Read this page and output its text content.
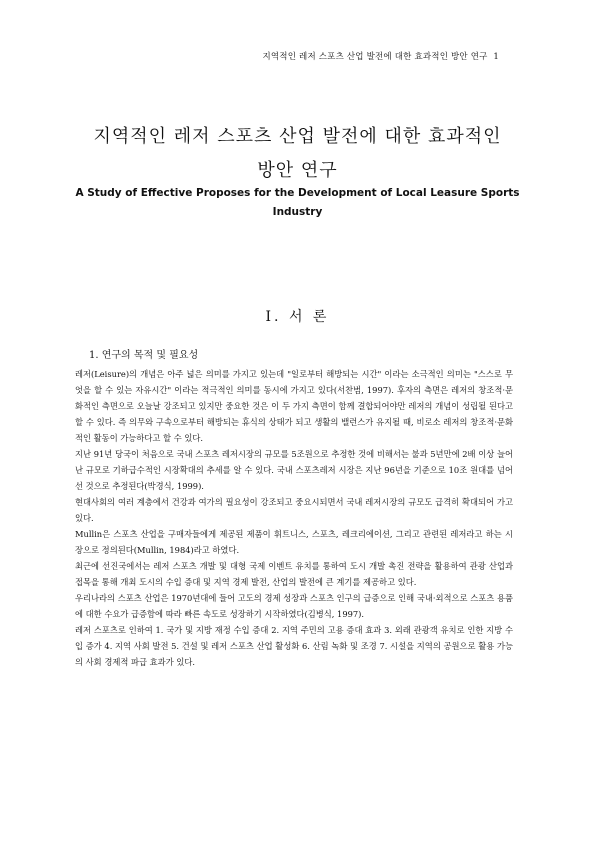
지역적인 레저 스포츠 산업 발전에 대한 효과적인 방안 연구 1
지역적인 레저 스포츠 산업 발전에 대한 효과적인
방안 연구
A Study of Effective Proposes for the Development of Local Leasure Sports Industry
Ⅰ. 서 론
1. 연구의 목적 및 필요성

레저(Leisure)의 개념은 아주 넓은 의미를 가지고 있는데 "일로부터 해방되는 시간" 이라는 소극적인 의미는 "스스로 무엇을 할 수 있는 자유시간" 이라는 적극적인 의미를 동시에 가지고 있다(서찬범, 1997). 후자의 측면은 레저의 창조적·문화적인 측면으로 오늘날 강조되고 있지만 중요한 것은 이 두 가지 측면이 함께 결합되어야만 레저의 개념이 성립될 된다고 할 수 있다. 즉 의무와 구속으로부터 해방되는 휴식의 상태가 되고 생활의 밸런스가 유지될 때, 비로소 레저의 창조적·문화적인 활동이 가능하다고 할 수 있다.

지난 91년 당국이 처음으로 국내 스포츠 레저시장의 규모를 5조원으로 추정한 것에 비해서는 불과 5년만에 2배 이상 늘어난 규모로 기하급수적인 시장확대의 추세를 알 수 있다. 국내 스포츠레저 시장은 지난 96년을 기준으로 10조 원대를 넘어선 것으로 추정된다(박경식, 1999).

현대사회의 여러 계층에서 건강과 여가의 필요성이 강조되고 중요시되면서 국내 레저시장의 규모도 급격히 확대되어 가고 있다.

Mullin은 스포츠 산업을 구매자들에게 제공된 제품이 휘트니스, 스포츠, 레크리에이션, 그리고 관련된 레저라고 하는 시장으로 정의된다(Mullin, 1984)라고 하였다.

최근에 선진국에서는 레저 스포츠 개발 및 대형 국제 이벤트 유치를 통하여 도시 개발 촉진 전략을 활용하여 관광 산업과 접목을 통해 개최 도시의 수입 증대 및 지역 경제 발전, 산업의 발전에 큰 계기를 제공하고 있다.

우리나라의 스포츠 산업은 1970년대에 들어 고도의 경제 성장과 스포츠 인구의 급증으로 인해 국내·외적으로 스포츠 용품에 대한 수요가 급증함에 따라 빠른 속도로 성장하기 시작하였다(김병식, 1997).

레저 스포츠로 인하여 1. 국가 및 지방 재정 수입 증대 2. 지역 주민의 고용 증대 효과 3. 외래 관광객 유치로 인한 지방 수입 증가 4. 지역 사회 발전 5. 건설 및 레저 스포츠 산업 활성화 6. 산림 녹화 및 조경 7. 시설을 지역의 공원으로 활용 가능 의 사회 경제적 파급 효과가 있다.
